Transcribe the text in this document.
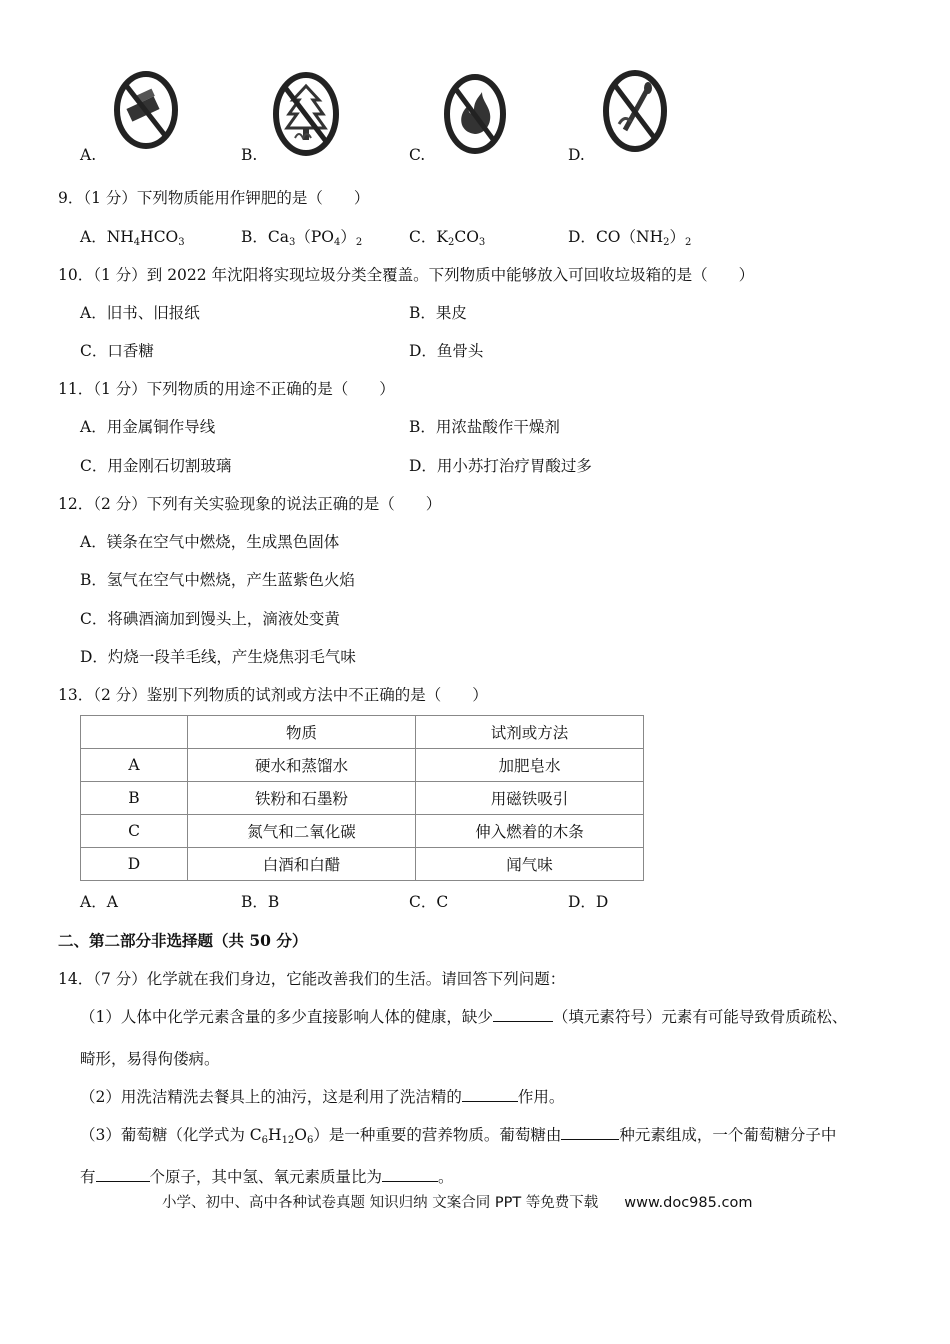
A.	B.	C.	D.
9．（1 分）下列物质能用作钾肥的是（　　）
A．$NH_4HCO_3$	B．$Ca_3(PO_4)_2$	C．$K_2CO_3$	D．$CO(NH_2)_2$
10．（1 分）到 2022 年沈阳将实现垃圾分类全覆盖。下列物质中能够放入可回收垃圾箱的是（　　）
A．旧书、旧报纸	B．果皮
C．口香糖	D．鱼骨头
11．（1 分）下列物质的用途不正确的是（　　）
A．用金属铜作导线	B．用浓盐酸作干燥剂
C．用金刚石切割玻璃	D．用小苏打治疗胃酸过多
12．（2 分）下列有关实验现象的说法正确的是（　　）
A．镁条在空气中燃烧，生成黑色固体
B．氢气在空气中燃烧，产生蓝紫色火焰
C．将碘酒滴加到馒头上，滴液处变黄
D．灼烧一段羊毛线，产生烧焦羽毛气味
13．（2 分）鉴别下列物质的试剂或方法中不正确的是（　　）
	物质	试剂或方法
A	硬水和蒸馏水	加肥皂水
B	铁粉和石墨粉	用磁铁吸引
C	氮气和二氧化碳	伸入燃着的木条
D	白酒和白醋	闻气味
A．A	B．B	C．C	D．D
二、第二部分非选择题（共 50 分）
14．（7 分）化学就在我们身边，它能改善我们的生活。请回答下列问题：
（1）人体中化学元素含量的多少直接影响人体的健康，缺少	（填元素符号）元素有可能导致骨质疏松、
畸形，易得佝偻病。
（2）用洗洁精洗去餐具上的油污，这是利用了洗洁精的	作用。
（3）葡萄糖（化学式为 $C_6H_{12}O_6$）是一种重要的营养物质。葡萄糖由	种元素组成，一个葡萄糖分子中
有	个原子，其中氢、氧元素质量比为	。
小学、初中、高中各种试卷真题 知识归纳 文案合同 PPT 等免费下载 www.doc985.com
